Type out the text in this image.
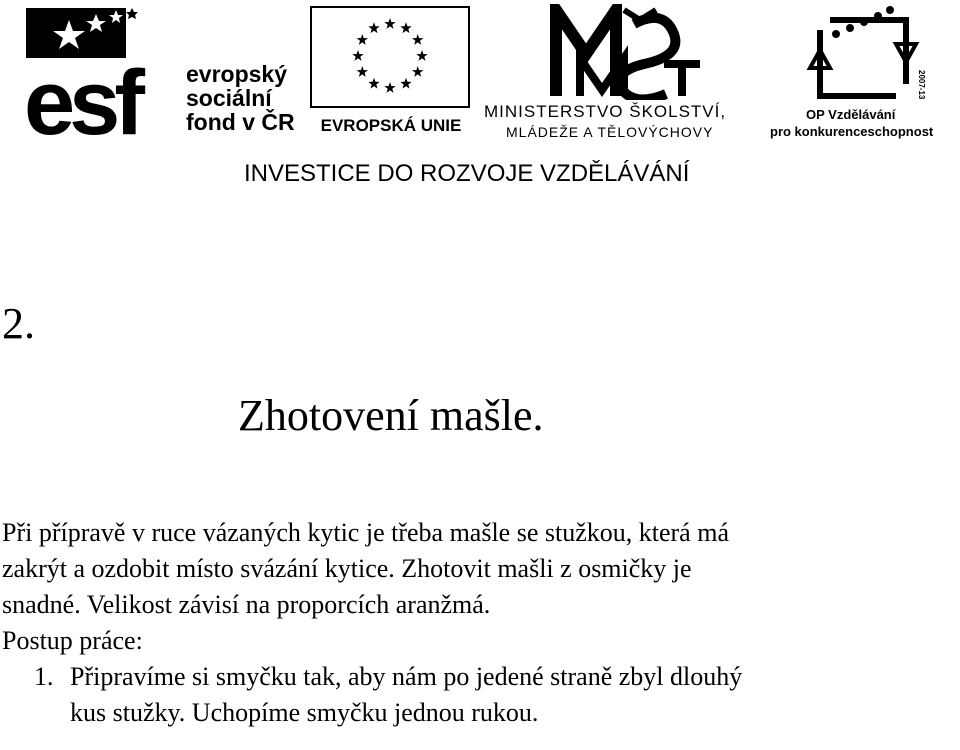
esf evropský
sociální
fond v ČR	EVROPSKÁ UNIE
MINISTERSTVO ŠKOLSTVÍ,
MLÁDEŽE A TĚLOVÝCHOVY
2007-13
OP Vzdělávání
pro konkurenceschopnost
INVESTICE DO ROZVOJE VZDĚLÁVÁNÍ
2.
Zhotovení mašle.
Při přípravě v ruce vázaných kytic je třeba mašle se stužkou, která má
zakrýt a ozdobit místo svázání kytice. Zhotovit mašli z osmičky je
snadné. Velikost závisí na proporcích aranžmá.
Postup práce:
1. Připravíme si smyčku tak, aby nám po jedené straně zbyl dlouhý
kus stužky. Uchopíme smyčku jednou rukou.
